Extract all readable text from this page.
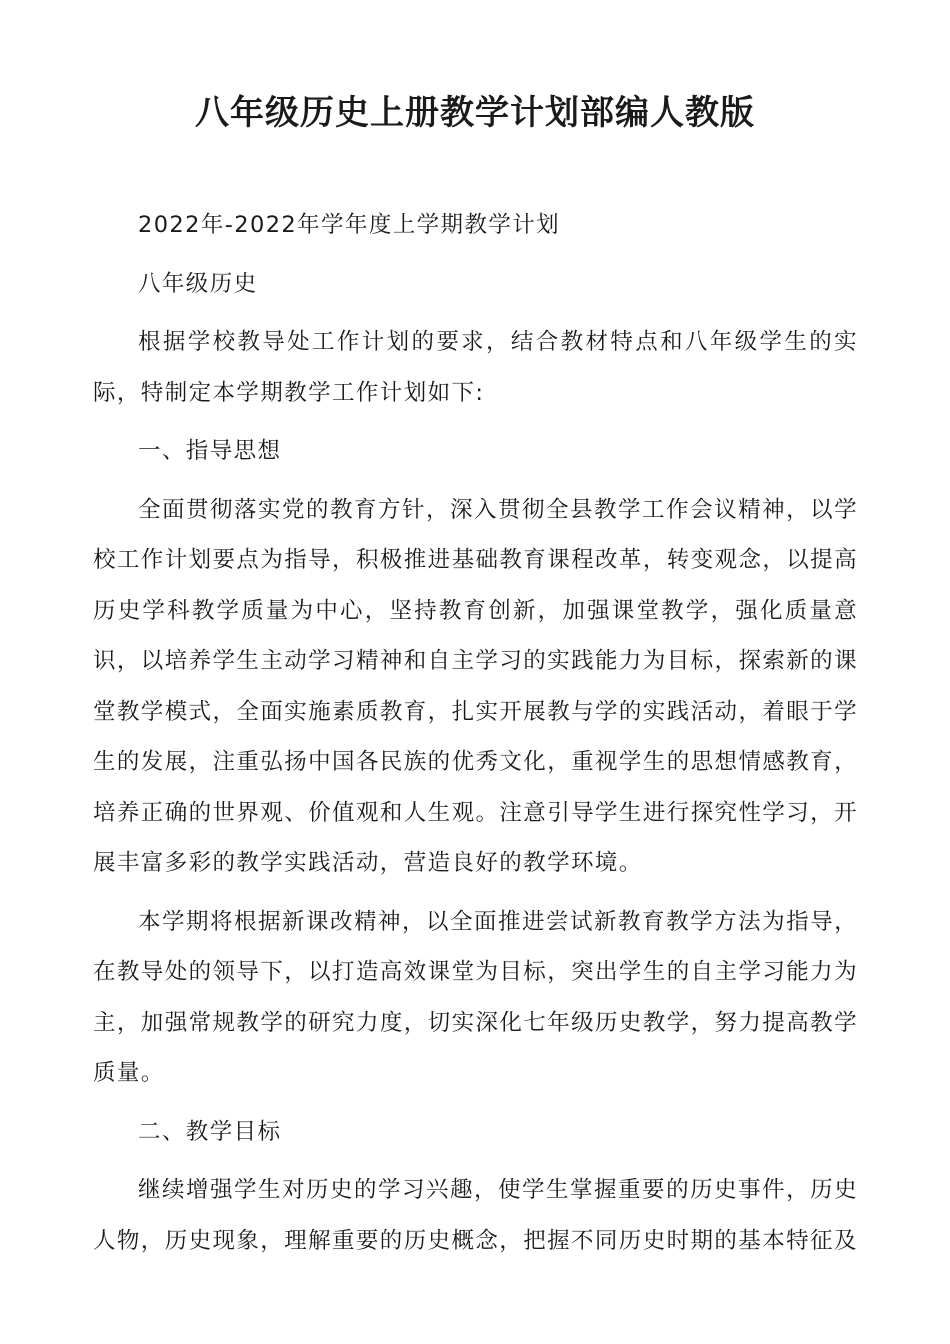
八年级历史上册教学计划部编人教版

2022年-2022年学年度上学期教学计划

八年级历史

根据学校教导处工作计划的要求，结合教材特点和八年级学生的实际，特制定本学期教学工作计划如下:

一、指导思想

全面贯彻落实党的教育方针，深入贯彻全县教学工作会议精神，以学校工作计划要点为指导，积极推进基础教育课程改革，转变观念，以提高历史学科教学质量为中心，坚持教育创新，加强课堂教学，强化质量意识，以培养学生主动学习精神和自主学习的实践能力为目标，探索新的课堂教学模式，全面实施素质教育，扎实开展教与学的实践活动，着眼于学生的发展，注重弘扬中国各民族的优秀文化，重视学生的思想情感教育，培养正确的世界观、价值观和人生观。注意引导学生进行探究性学习，开展丰富多彩的教学实践活动，营造良好的教学环境。

本学期将根据新课改精神，以全面推进尝试新教育教学方法为指导，在教导处的领导下，以打造高效课堂为目标，突出学生的自主学习能力为主，加强常规教学的研究力度，切实深化七年级历史教学，努力提高教学质量。

二、教学目标

继续增强学生对历史的学习兴趣，使学生掌握重要的历史事件，历史人物，历史现象，理解重要的历史概念，把握不同历史时期的基本特征及
